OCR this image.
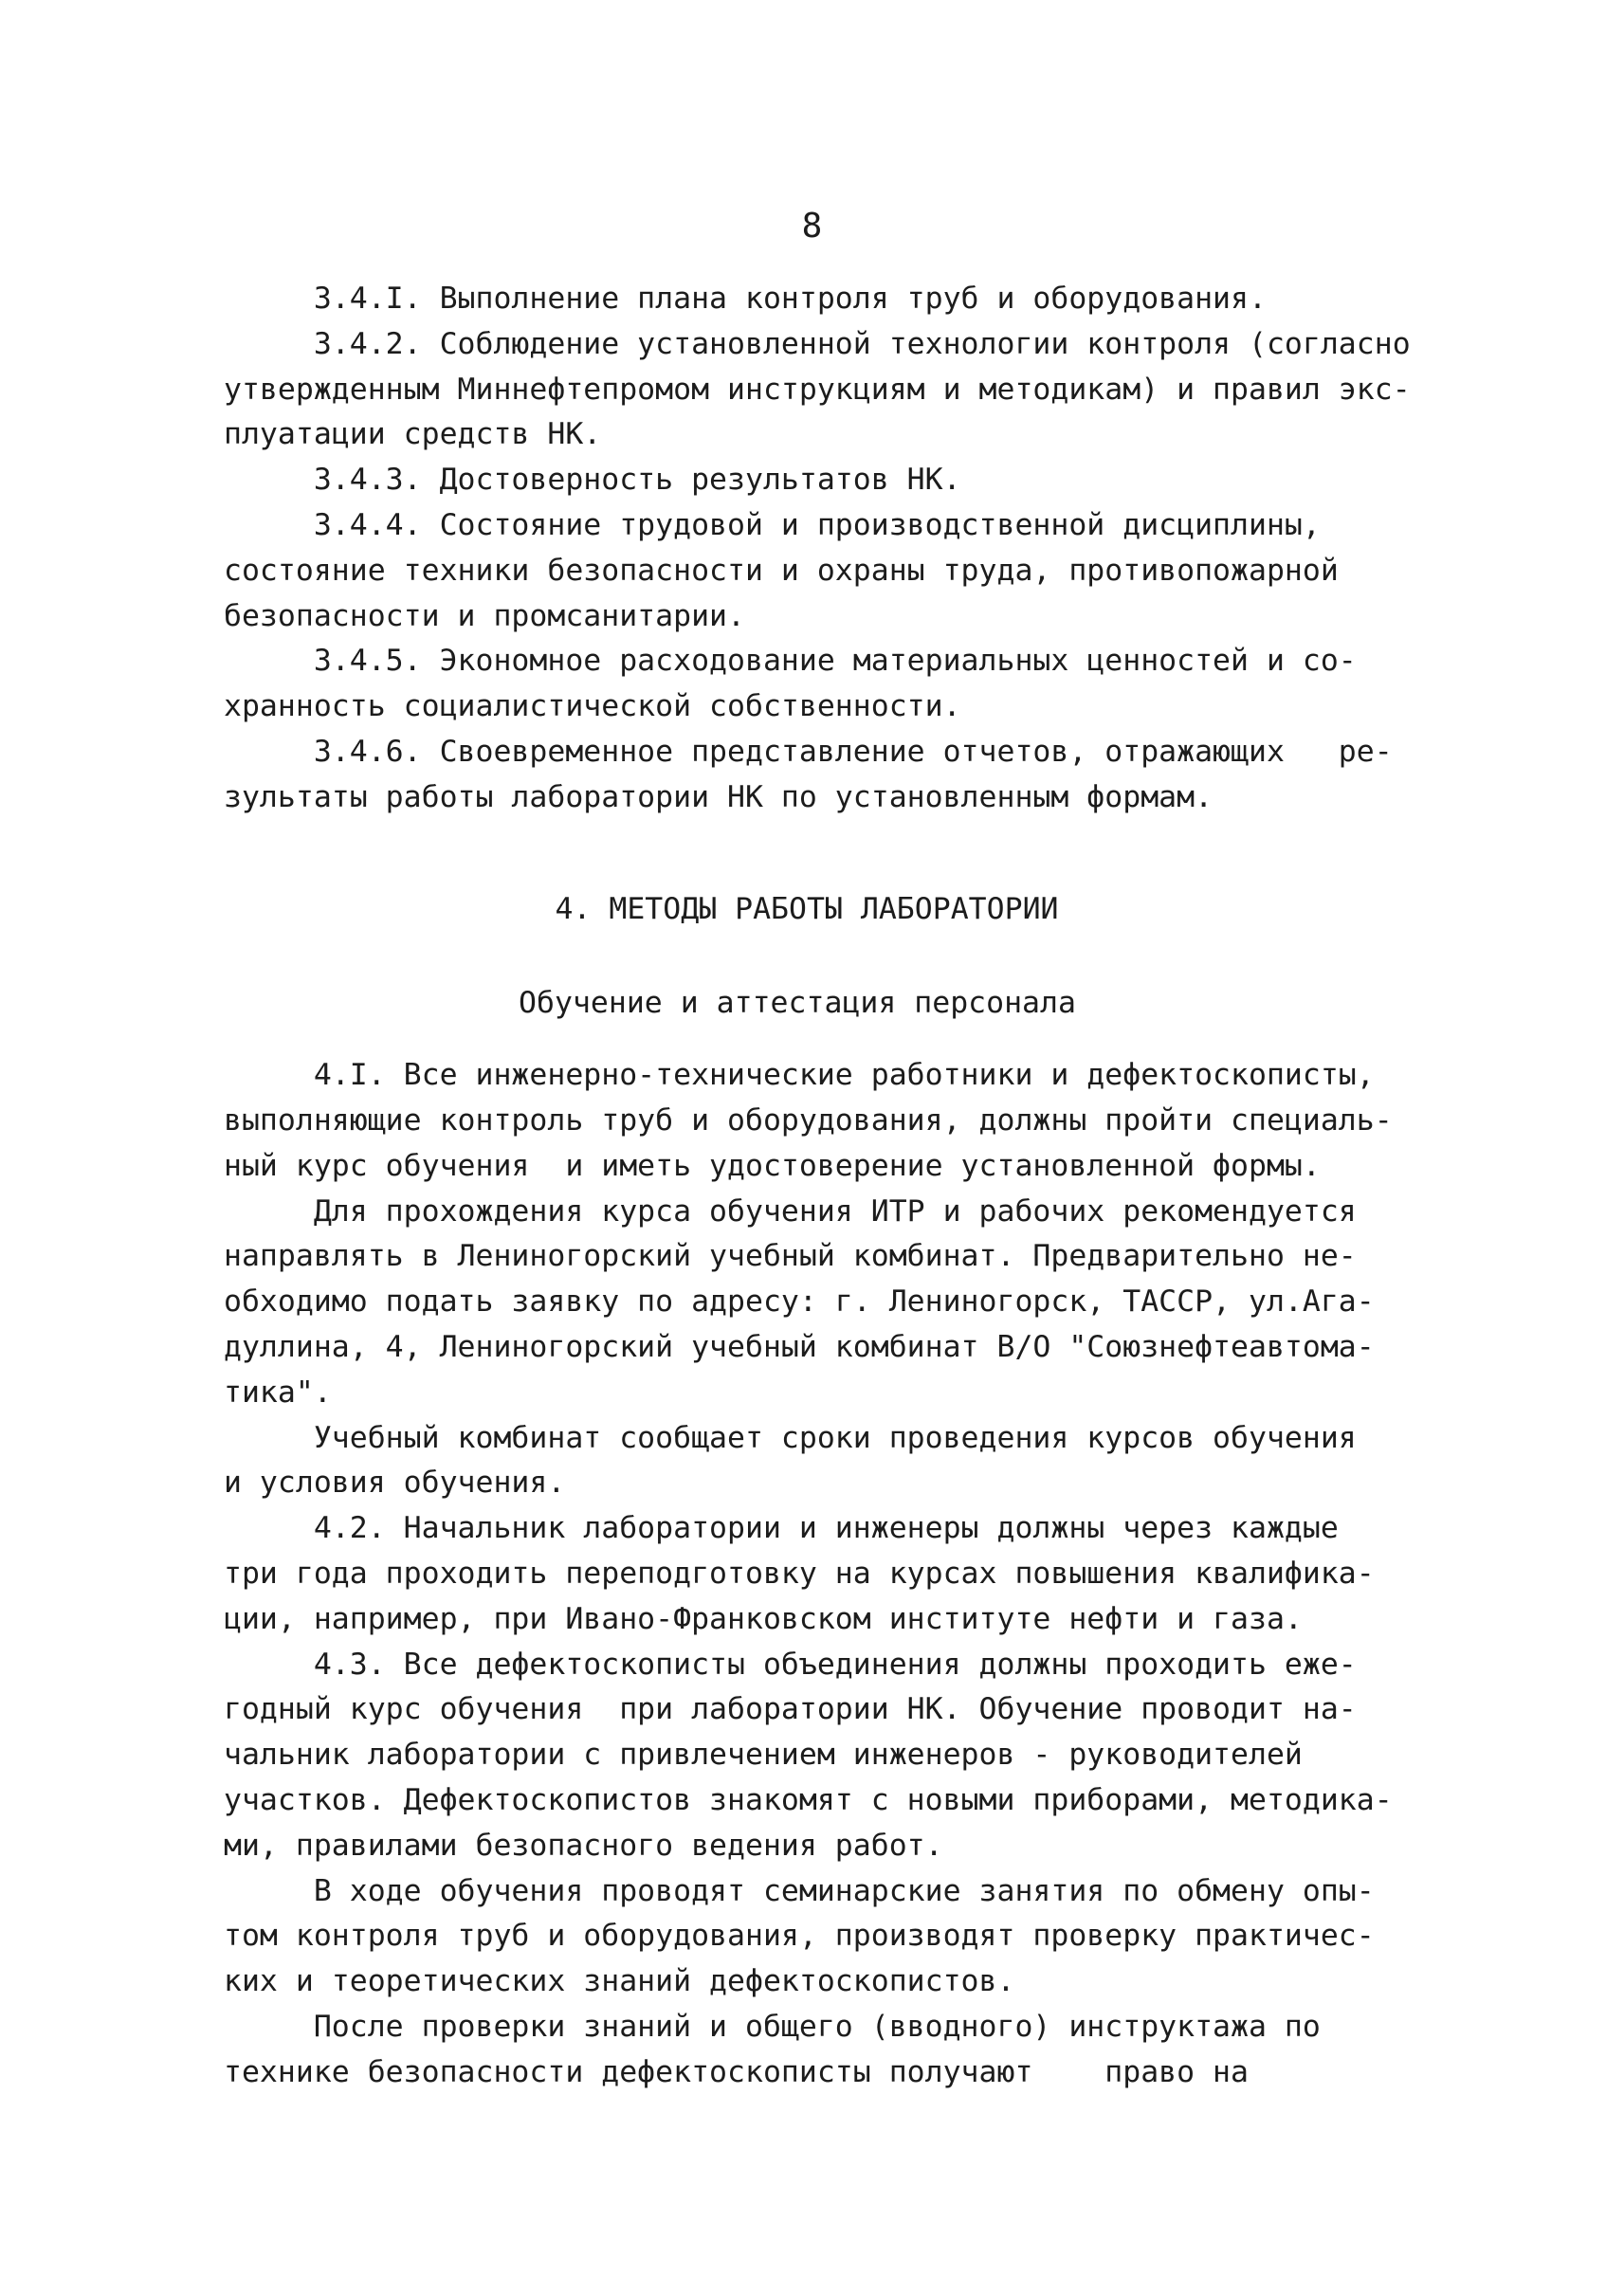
8
3.4.I. Выполнение плана контроля труб и оборудования.
3.4.2. Соблюдение установленной технологии контроля (согласно
утвержденным Миннефтепромом инструкциям и методикам) и правил экс-
плуатации средств НК.
3.4.3. Достоверность результатов НК.
3.4.4. Состояние трудовой и производственной дисциплины,
состояние техники безопасности и охраны труда, противопожарной
безопасности и промсанитарии.
3.4.5. Экономное расходование материальных ценностей и со-
хранность социалистической собственности.
3.4.6. Своевременное представление отчетов, отражающих   ре-
зультаты работы лаборатории НК по установленным формам.
4. МЕТОДЫ РАБОТЫ ЛАБОРАТОРИИ
Обучение и аттестация персонала
4.I. Все инженерно-технические работники и дефектоскописты,
выполняющие контроль труб и оборудования, должны пройти специаль-
ный курс обучения  и иметь удостоверение установленной формы.
Для прохождения курса обучения ИТР и рабочих рекомендуется
направлять в Лениногорский учебный комбинат. Предварительно не-
обходимо подать заявку по адресу: г. Лениногорск, ТАССР, ул.Ага-
дуллина, 4, Лениногорский учебный комбинат В/О "Союзнефтеавтома-
тика".
Учебный комбинат сообщает сроки проведения курсов обучения
и условия обучения.
4.2. Начальник лаборатории и инженеры должны через каждые
три года проходить переподготовку на курсах повышения квалифика-
ции, например, при Ивано-Франковском институте нефти и газа.
4.3. Все дефектоскописты объединения должны проходить еже-
годный курс обучения  при лаборатории НК. Обучение проводит на-
чальник лаборатории с привлечением инженеров - руководителей
участков. Дефектоскопистов знакомят с новыми приборами, методика-
ми, правилами безопасного ведения работ.
В ходе обучения проводят семинарские занятия по обмену опы-
том контроля труб и оборудования, производят проверку практичес-
ких и теоретических знаний дефектоскопистов.
После проверки знаний и общего (вводного) инструктажа по
технике безопасности дефектоскописты получают    право на
